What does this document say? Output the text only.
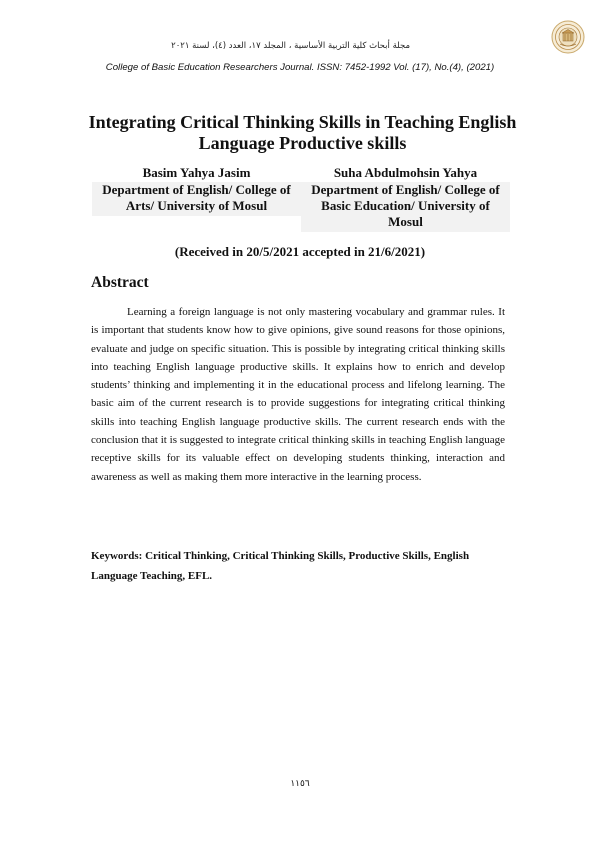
مجلة أبحاث كلية التربية الأساسية ، المجلد ١٧، العدد (٤)، لسنة ٢٠٢١
College of Basic Education Researchers Journal. ISSN: 7452-1992 Vol. (17), No.(4), (2021)
Integrating Critical Thinking Skills in Teaching English Language Productive skills
Basim Yahya Jasim
Department of English/ College of Arts/ University of Mosul
Suha Abdulmohsin Yahya
Department of English/ College of Basic Education/ University of Mosul
(Received in 20/5/2021 accepted in 21/6/2021)
Abstract

Learning a foreign language is not only mastering vocabulary and grammar rules. It is important that students know how to give opinions, give sound reasons for those opinions, evaluate and judge on specific situation. This is possible by integrating critical thinking skills into teaching English language productive skills. It explains how to enrich and develop students’ thinking and implementing it in the educational process and lifelong learning. The basic aim of the current research is to provide suggestions for integrating critical thinking skills into teaching English language productive skills. The current research ends with the conclusion that it is suggested to integrate critical thinking skills in teaching English language receptive skills for its valuable effect on developing students thinking, interaction and awareness as well as making them more interactive in the learning process.

Keywords: Critical Thinking, Critical Thinking Skills, Productive Skills, English Language Teaching, EFL.

١١٥٦
